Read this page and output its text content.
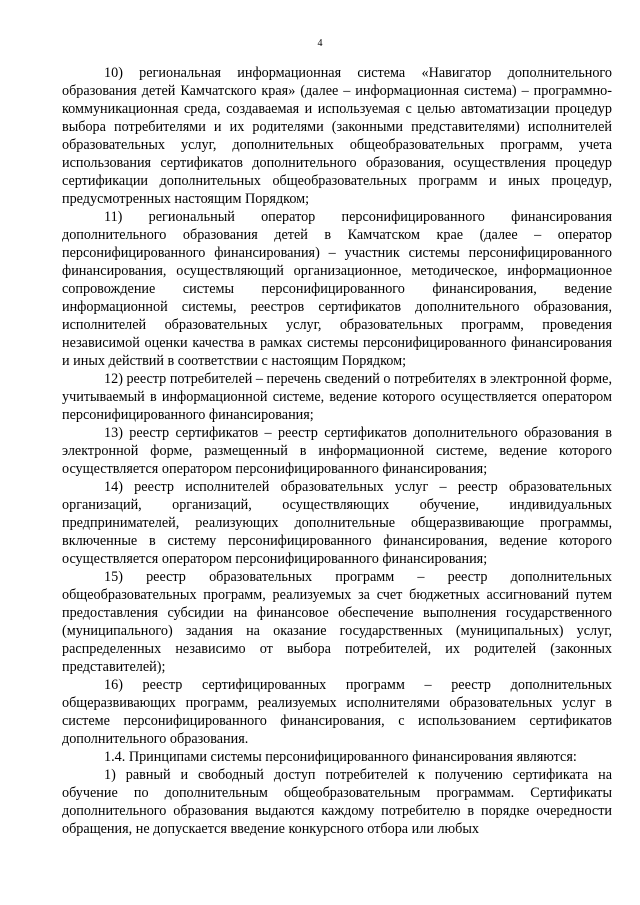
4

10) региональная информационная система «Навигатор дополнительного образования детей Камчатского края» (далее – информационная система) – программно-коммуникационная среда, создаваемая и используемая с целью автоматизации процедур выбора потребителями и их родителями (законными представителями) исполнителей образовательных услуг, дополнительных общеобразовательных программ, учета использования сертификатов дополнительного образования, осуществления процедур сертификации дополнительных общеобразовательных программ и иных процедур, предусмотренных настоящим Порядком;

11) региональный оператор персонифицированного финансирования дополнительного образования детей в Камчатском крае (далее – оператор персонифицированного финансирования) – участник системы персонифицированного финансирования, осуществляющий организационное, методическое, информационное сопровождение системы персонифицированного финансирования, ведение информационной системы, реестров сертификатов дополнительного образования, исполнителей образовательных услуг, образовательных программ, проведения независимой оценки качества в рамках системы персонифицированного финансирования и иных действий в соответствии с настоящим Порядком;

12) реестр потребителей – перечень сведений о потребителях в электронной форме, учитываемый в информационной системе, ведение которого осуществляется оператором персонифицированного финансирования;

13) реестр сертификатов – реестр сертификатов дополнительного образования в электронной форме, размещенный в информационной системе, ведение которого осуществляется оператором персонифицированного финансирования;

14) реестр исполнителей образовательных услуг – реестр образовательных организаций, организаций, осуществляющих обучение, индивидуальных предпринимателей, реализующих дополнительные общеразвивающие программы, включенные в систему персонифицированного финансирования, ведение которого осуществляется оператором персонифицированного финансирования;

15) реестр образовательных программ – реестр дополнительных общеобразовательных программ, реализуемых за счет бюджетных ассигнований путем предоставления субсидии на финансовое обеспечение выполнения государственного (муниципального) задания на оказание государственных (муниципальных) услуг, распределенных независимо от выбора потребителей, их родителей (законных представителей);

16) реестр сертифицированных программ – реестр дополнительных общеразвивающих программ, реализуемых исполнителями образовательных услуг в системе персонифицированного финансирования, с использованием сертификатов дополнительного образования.

1.4. Принципами системы персонифицированного финансирования являются:

1) равный и свободный доступ потребителей к получению сертификата на обучение по дополнительным общеобразовательным программам. Сертификаты дополнительного образования выдаются каждому потребителю в порядке очередности обращения, не допускается введение конкурсного отбора или любых
